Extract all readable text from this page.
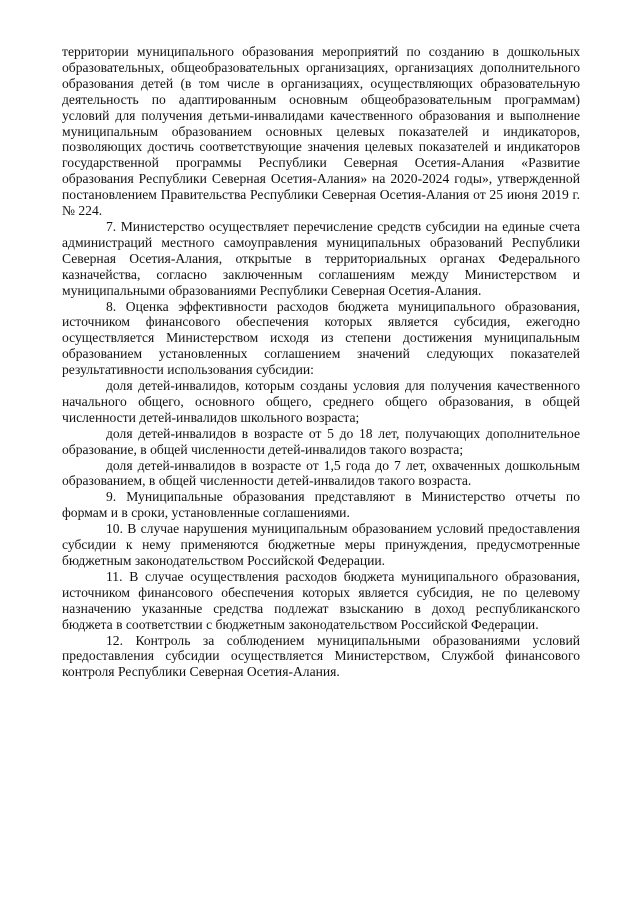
территории муниципального образования мероприятий по созданию в дошкольных образовательных, общеобразовательных организациях, организациях дополнительного образования детей (в том числе в организациях, осуществляющих образовательную деятельность по адаптированным основным общеобразовательным программам) условий для получения детьми-инвалидами качественного образования и выполнение муниципальным образованием основных целевых показателей и индикаторов, позволяющих достичь соответствующие значения целевых показателей и индикаторов государственной программы Республики Северная Осетия-Алания «Развитие образования Республики Северная Осетия-Алания» на 2020-2024 годы», утвержденной постановлением Правительства Республики Северная Осетия-Алания от 25 июня 2019 г. № 224.

7. Министерство осуществляет перечисление средств субсидии на единые счета администраций местного самоуправления муниципальных образований Республики Северная Осетия-Алания, открытые в территориальных органах Федерального казначейства, согласно заключенным соглашениям между Министерством и муниципальными образованиями Республики Северная Осетия-Алания.

8. Оценка эффективности расходов бюджета муниципального образования, источником финансового обеспечения которых является субсидия, ежегодно осуществляется Министерством исходя из степени достижения муниципальным образованием установленных соглашением значений следующих показателей результативности использования субсидии:

доля детей-инвалидов, которым созданы условия для получения качественного начального общего, основного общего, среднего общего образования, в общей численности детей-инвалидов школьного возраста;

доля детей-инвалидов в возрасте от 5 до 18 лет, получающих дополнительное образование, в общей численности детей-инвалидов такого возраста;

доля детей-инвалидов в возрасте от 1,5 года до 7 лет, охваченных дошкольным образованием, в общей численности детей-инвалидов такого возраста.

9. Муниципальные образования представляют в Министерство отчеты по формам и в сроки, установленные соглашениями.

10. В случае нарушения муниципальным образованием условий предоставления субсидии к нему применяются бюджетные меры принуждения, предусмотренные бюджетным законодательством Российской Федерации.

11. В случае осуществления расходов бюджета муниципального образования, источником финансового обеспечения которых является субсидия, не по целевому назначению указанные средства подлежат взысканию в доход республиканского бюджета в соответствии с бюджетным законодательством Российской Федерации.

12. Контроль за соблюдением муниципальными образованиями условий предоставления субсидии осуществляется Министерством, Службой финансового контроля Республики Северная Осетия-Алания.
